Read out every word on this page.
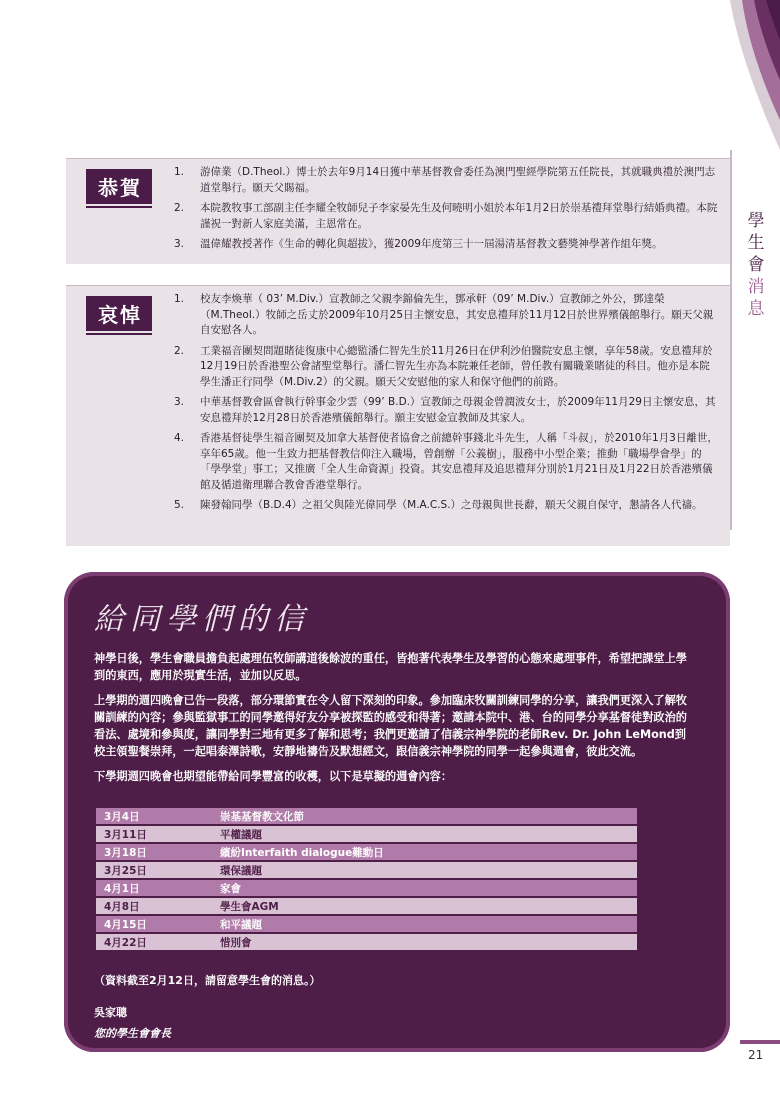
學
生
會
消
息
恭賀
1. 游偉業（D.Theol.）博士於去年9月14日獲中華基督教會委任為澳門聖經學院第五任院長，其就職典禮於澳門志道堂舉行。願天父賜福。
2. 本院教牧事工部副主任李耀全牧師兒子李家晏先生及何曉明小姐於本年1月2日於崇基禮拜堂舉行結婚典禮。本院謹祝一對新人家庭美滿，主恩常在。
3. 溫偉耀教授著作《生命的轉化與超拔》，獲2009年度第三十一屆湯清基督教文藝獎神學著作組年獎。
哀悼
1. 校友李煥華（ 03’ M.Div.）宣教師之父親李錦倫先生，鄧承軒（09’ M.Div.）宣教師之外公，鄧達榮（M.Theol.）牧師之岳丈於2009年10月25日主懷安息，其安息禮拜於11月12日於世界殯儀館舉行。願天父親自安慰各人。
2. 工業福音團契問題賭徒復康中心總監潘仁智先生於11月26日在伊利沙伯醫院安息主懷，享年58歲。安息禮拜於12月19日於香港聖公會諸聖堂舉行。潘仁智先生亦為本院兼任老師，曾任教有關職業賭徒的科目。他亦是本院學生潘正行同學（M.Div.2）的父親。願天父安慰他的家人和保守他們的前路。
3. 中華基督教會區會執行幹事金少雲（99’ B.D.）宣教師之母親金曾潤波女士，於2009年11月29日主懷安息，其安息禮拜於12月28日於香港殯儀館舉行。願主安慰金宣教師及其家人。
4. 香港基督徒學生福音團契及加拿大基督使者協會之前總幹事錢北斗先生，人稱「斗叔」，於2010年1月3日離世，享年65歲。他一生致力把基督教信仰注入職場，曾創辦「公義樹」，服務中小型企業；推動「職場學會學」的「學學堂」事工；又推廣「全人生命資源」投資。其安息禮拜及追思禮拜分別於1月21日及1月22日於香港殯儀館及循道衛理聯合教會香港堂舉行。
5. 陳發翰同學（B.D.4）之祖父與陸光偉同學（M.A.C.S.）之母親與世長辭，願天父親自保守，懇請各人代禱。
給同學們的信

神學日後，學生會職員擔負起處理伍牧師講道後餘波的重任，皆抱著代表學生及學習的心態來處理事件，希望把課堂上學到的東西，應用於現實生活，並加以反思。

上學期的週四晚會已告一段落，部分環節實在令人留下深刻的印象。參加臨床牧關訓練同學的分享，讓我們更深入了解牧關訓練的內容；參與監獄事工的同學邀得好友分享被探監的感受和得著；邀請本院中、港、台的同學分享基督徒對政治的看法、處境和參與度，讓同學對三地有更多了解和思考；我們更邀請了信義宗神學院的老師Rev. Dr. John LeMond到校主領聖餐崇拜，一起唱泰澤詩歌，安靜地禱告及默想經文，跟信義宗神學院的同學一起參與週會，彼此交流。

下學期週四晚會也期望能帶給同學豐富的收穫，以下是草擬的週會內容：

3月4日	崇基基督教文化節
3月11日	平權議題
3月18日	繽紛Interfaith dialogue難動日
3月25日	環保議題
4月1日	家會
4月8日	學生會AGM
4月15日	和平議題
4月22日	惜別會
（資料截至2月12日，請留意學生會的消息。）
吳家聰
您的學生會會長
21
